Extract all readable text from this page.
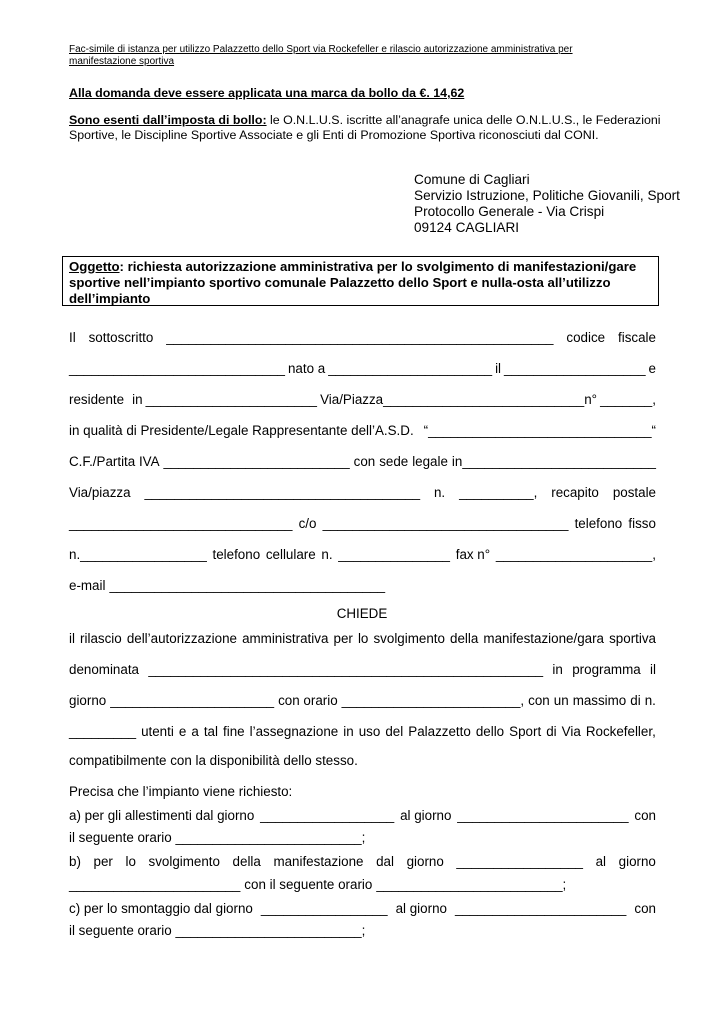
Fac-simile di istanza per utilizzo Palazzetto dello Sport via Rockefeller e rilascio autorizzazione amministrativa per
manifestazione sportiva
Alla domanda deve essere applicata una marca da bollo da €. 14,62
Sono esenti dall’imposta di bollo: le O.N.L.U.S. iscritte all’anagrafe unica delle O.N.L.U.S., le Federazioni
Sportive, le Discipline Sportive Associate e gli Enti di Promozione Sportiva riconosciuti dal CONI.
Comune di Cagliari
Servizio Istruzione, Politiche Giovanili, Sport
Protocollo Generale - Via Crispi
09124 CAGLIARI
Oggetto: richiesta autorizzazione amministrativa per lo svolgimento di manifestazioni/gare
sportive nell’impianto sportivo comunale Palazzetto dello Sport e nulla-osta all’utilizzo
dell’impianto
Il sottoscritto ____________________________________________________ codice fiscale
_____________________________ nato a ______________________ il ___________________ e
residente in _______________________ Via/Piazza___________________________n° _______,
in qualità di Presidente/Legale Rappresentante dell’A.S.D. “______________________________“
C.F./Partita IVA _________________________ con sede legale in__________________________
Via/piazza _____________________________________ n. __________, recapito postale
______________________________ c/o _________________________________ telefono fisso
n._________________ telefono cellulare n. _______________ fax n° _____________________,
e-mail _____________________________________
CHIEDE
il rilascio dell’autorizzazione amministrativa per lo svolgimento della manifestazione/gara sportiva
denominata _____________________________________________________ in programma il
giorno ______________________ con orario ________________________, con un massimo di n.
_________ utenti e a tal fine l’assegnazione in uso del Palazzetto dello Sport di Via Rockefeller,
compatibilmente con la disponibilità dello stesso.
Precisa che l’impianto viene richiesto:
a) per gli allestimenti dal giorno __________________ al giorno _______________________ con
il seguente orario _________________________;
b) per lo svolgimento della manifestazione dal giorno _________________ al giorno
_______________________ con il seguente orario _________________________;
c) per lo smontaggio dal giorno _________________ al giorno _______________________ con
il seguente orario _________________________;
